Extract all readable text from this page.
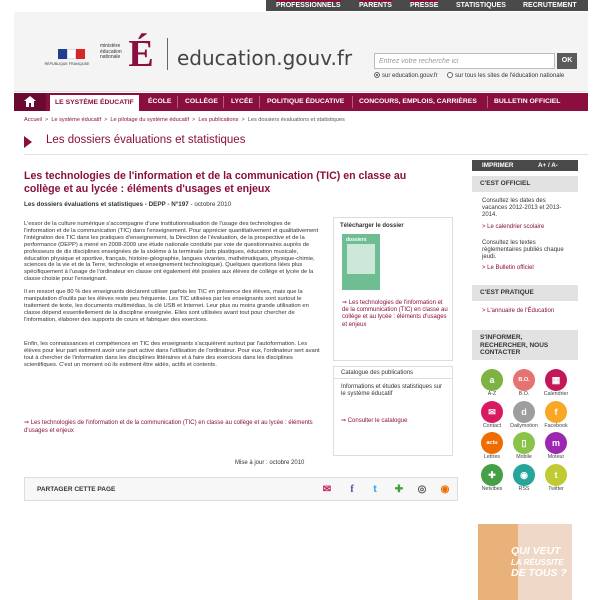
PROFESSIONNELS	PARENTS	PRESSE	STATISTIQUES RECRUTEMENT
RÉPUBLIQUE FRANÇAISE
ministère éducation nationale É education.gouv.fr	Entrez votre recherche ici	OK
sur education.gouv.fr	sur tous les sites de l'éducation nationale
LE SYSTÈME ÉDUCATIF	ÉCOLE COLLÈGE LYCÉE POLITIQUE ÉDUCATIVE CONCOURS, EMPLOIS, CARRIÈRES	BULLETIN OFFICIEL
Accueil > Le système éducatif > Le pilotage du système éducatif > Les publications > Les dossiers évaluations et statistiques
Les dossiers évaluations et statistiques
Les technologies de l'information et de la communication (TIC) en classe au collège et au lycée : éléments d'usages et enjeux
Les dossiers évaluations et statistiques - DEPP - N°197 - octobre 2010
L'essor de la culture numérique s'accompagne d'une institutionnalisation de l'usage des technologies de l'information et de la communication (TIC) dans l'enseignement. Pour apprécier quantitativement et qualitativement l'intégration des TIC dans les pratiques d'enseignement, la Direction de l'évaluation, de la prospective et de la performance (DEPP) a mené en 2008-2009 une étude nationale conduite par voie de questionnaires auprès de professeurs de dix disciplines enseignées de la sixième à la terminale (arts plastiques, éducation musicale, éducation physique et sportive, français, histoire-géographie, langues vivantes, mathématiques, physique-chimie, sciences de la vie et de la Terre, technologie et enseignement technologique). Quelques questions liées plus spécifiquement à l'usage de l'ordinateur en classe ont également été posées aux élèves de collège et lycée de la classe choisie pour l'enseignant.
Il en ressort que 80 % des enseignants déclarent utiliser parfois les TIC en présence des élèves, mais que la manipulation d'outils par les élèves reste peu fréquente. Les TIC utilisées par les enseignants sont surtout le traitement de texte, les documents multimédias, la clé USB et Internet. Leur plus ou moins grande utilisation en classe dépend essentiellement de la discipline enseignée. Elles sont utilisées avant tout pour chercher de l'information, élaborer des supports de cours et fabriquer des exercices.
Enfin, les connaissances et compétences en TIC des enseignants s'acquièrent surtout par l'autoformation. Les élèves pour leur part estiment avoir une part active dans l'utilisation de l'ordinateur. Pour eux, l'ordinateur sert avant tout à chercher de l'information dans les disciplines littéraires et à faire des exercices dans les disciplines scientifiques. C'est un moment où ils estiment être aidés, actifs et contents.
⇒ Les technologies de l'information et de la communication (TIC) en classe au collège et au lycée : éléments d'usages et enjeux
Mise à jour : octobre 2010
Télécharger le dossier
dossiers
⇒ Les technologies de l'information et de la communication (TIC) en classe au collège et au lycée : éléments d'usages et enjeux
Catalogue des publications
Informations et études statistiques sur le système éducatif
⇒ Consulter le catalogue
PARTAGER CETTE PAGE	✉	f	t	✚ ◎ ◉
IMPRIMER	A+ / A-
C'EST OFFICIEL
Consultez les dates des vacances 2012-2013 et 2013-2014.
> Le calendrier scolaire
Consultez les textes réglementaires publiés chaque jeudi.
> Le Bulletin officiel
C'EST PRATIQUE
> L'annuaire de l'Éducation
S'INFORMER, RECHERCHER, NOUS CONTACTER
a
A-Z
B.O.
B.O.
▦
Calendrier
✉
Contact
d
Dailymotion
f
Facebook
actu
Lettres
▯
Mobile
m
Moteur
✚
Netvibes
◉
RSS
t
Twitter
QUI VEUT
LA RÉUSSITE
DE TOUS ?
